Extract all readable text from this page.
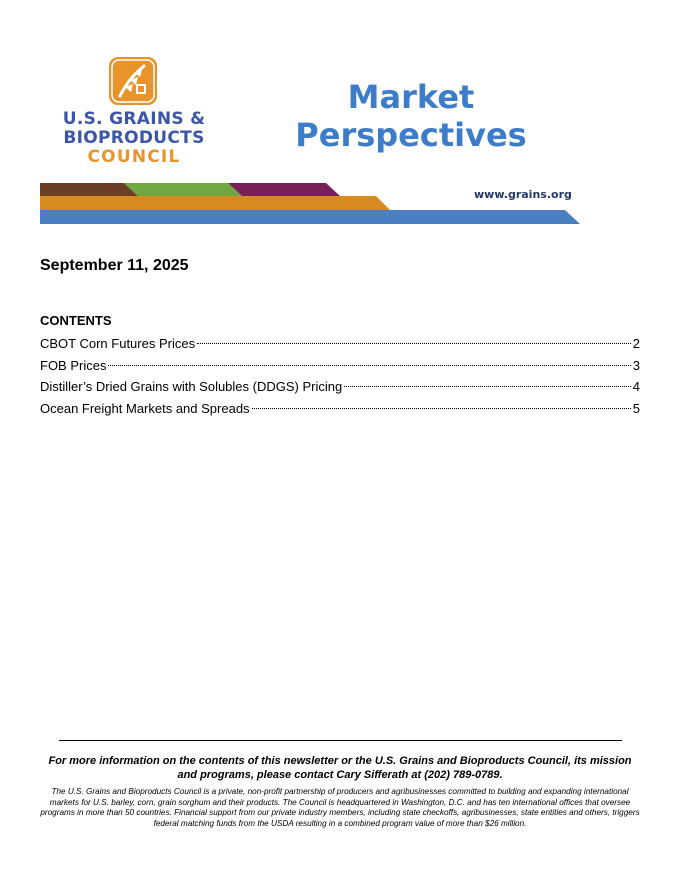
U.S. GRAINS &
BIOPRODUCTS
COUNCIL
Market
Perspectives
www.grains.org
September 11, 2025
CONTENTS
CBOT Corn Futures Prices	2
FOB Prices	3
Distiller’s Dried Grains with Solubles (DDGS) Pricing	4
Ocean Freight Markets and Spreads	5
For more information on the contents of this newsletter or the U.S. Grains and Bioproducts Council, its mission and programs, please contact Cary Sifferath at (202) 789-0789.
The U.S. Grains and Bioproducts Council is a private, non-profit partnership of producers and agribusinesses committed to building and expanding international markets for U.S. barley, corn, grain sorghum and their products. The Council is headquartered in Washington, D.C. and has ten international offices that oversee programs in more than 50 countries. Financial support from our private industry members, including state checkoffs, agribusinesses, state entities and others, triggers federal matching funds from the USDA resulting in a combined program value of more than $26 million.
